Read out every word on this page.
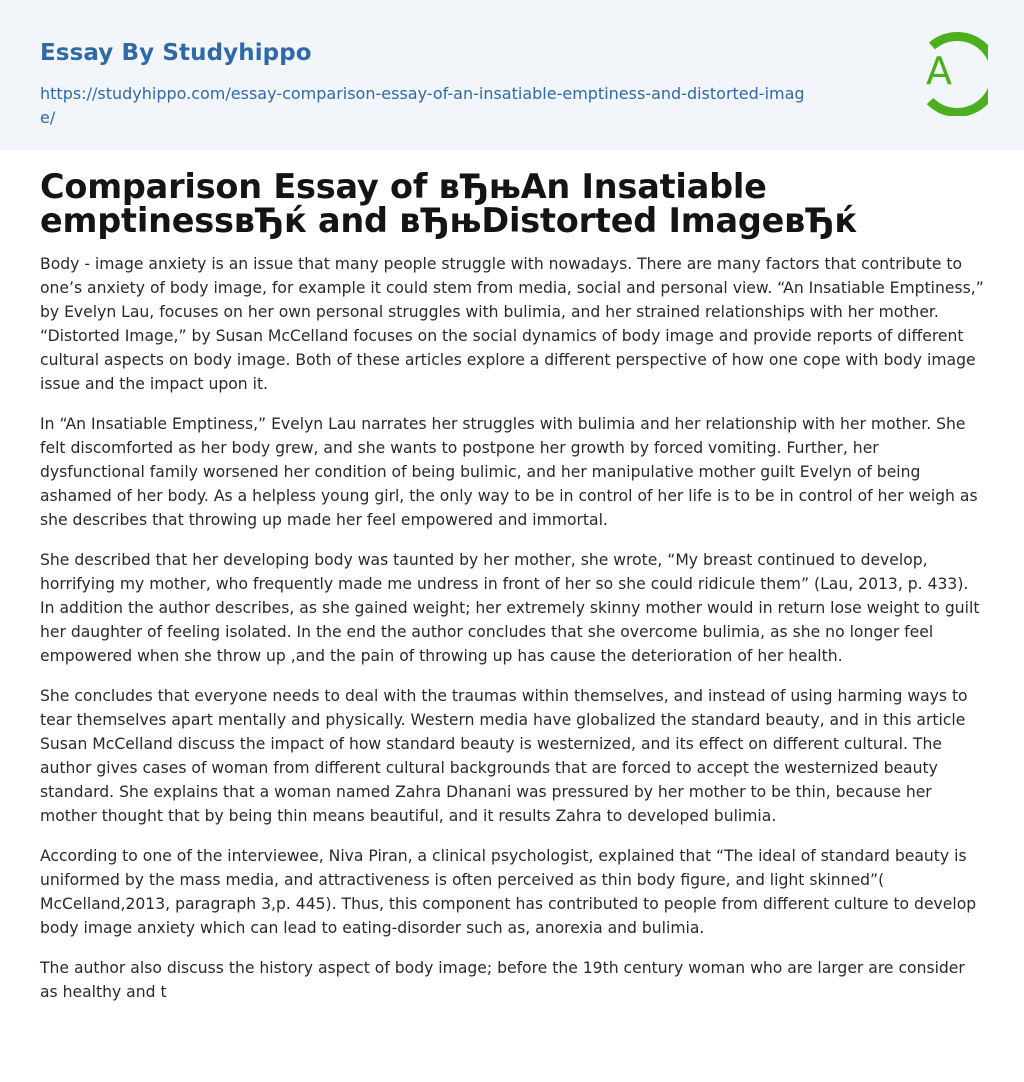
Essay By Studyhippo
https://studyhippo.com/essay-comparison-essay-of-an-insatiable-emptiness-and-distorted-image/
A
Comparison Essay of вЂњAn Insatiable emptinessвЂќ and вЂњDistorted ImageвЂќ

Body - image anxiety is an issue that many people struggle with nowadays. There are many factors that contribute to one’s anxiety of body image, for example it could stem from media, social and personal view. “An Insatiable Emptiness,” by Evelyn Lau, focuses on her own personal struggles with bulimia, and her strained relationships with her mother. “Distorted Image,” by Susan McCelland focuses on the social dynamics of body image and provide reports of different cultural aspects on body image. Both of these articles explore a different perspective of how one cope with body image issue and the impact upon it.

In “An Insatiable Emptiness,” Evelyn Lau narrates her struggles with bulimia and her relationship with her mother. She felt discomforted as her body grew, and she wants to postpone her growth by forced vomiting. Further, her dysfunctional family worsened her condition of being bulimic, and her manipulative mother guilt Evelyn of being ashamed of her body. As a helpless young girl, the only way to be in control of her life is to be in control of her weigh as she describes that throwing up made her feel empowered and immortal.

She described that her developing body was taunted by her mother, she wrote, “My breast continued to develop, horrifying my mother, who frequently made me undress in front of her so she could ridicule them” (Lau, 2013, p. 433). In addition the author describes, as she gained weight; her extremely skinny mother would in return lose weight to guilt her daughter of feeling isolated. In the end the author concludes that she overcome bulimia, as she no longer feel empowered when she throw up ,and the pain of throwing up has cause the deterioration of her health.

She concludes that everyone needs to deal with the traumas within themselves, and instead of using harming ways to tear themselves apart mentally and physically. Western media have globalized the standard beauty, and in this article Susan McCelland discuss the impact of how standard beauty is westernized, and its effect on different cultural. The author gives cases of woman from different cultural backgrounds that are forced to accept the westernized beauty standard. She explains that a woman named Zahra Dhanani was pressured by her mother to be thin, because her mother thought that by being thin means beautiful, and it results Zahra to developed bulimia.

According to one of the interviewee, Niva Piran, a clinical psychologist, explained that “The ideal of standard beauty is uniformed by the mass media, and attractiveness is often perceived as thin body figure, and light skinned”( McCelland,2013, paragraph 3,p. 445). Thus, this component has contributed to people from different culture to develop body image anxiety which can lead to eating-disorder such as, anorexia and bulimia.

The author also discuss the history aspect of body image; before the 19th century woman who are larger are consider as healthy and t
